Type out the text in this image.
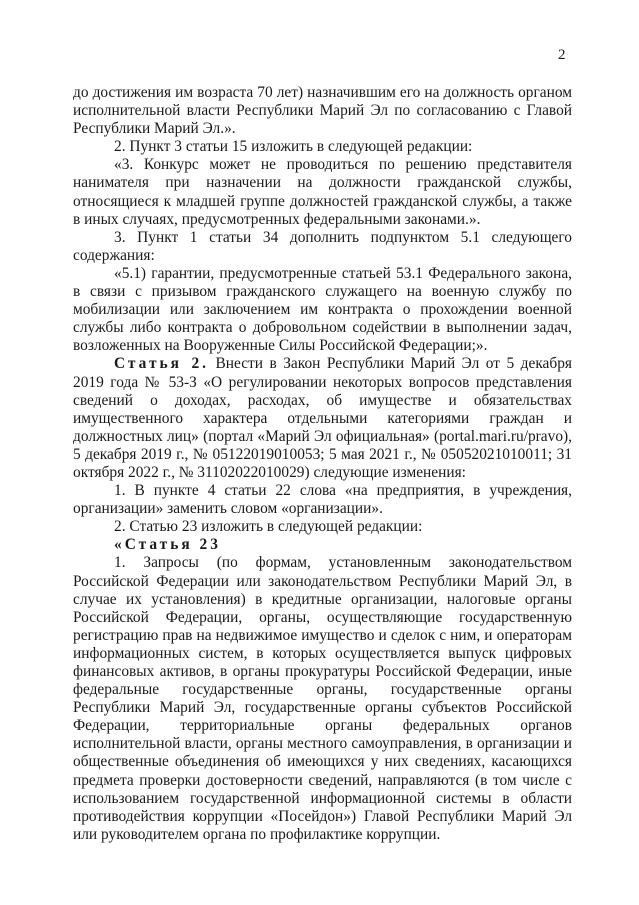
2

до достижения им возраста 70 лет) назначившим его на должность органом исполнительной власти Республики Марий Эл по согласованию с Главой Республики Марий Эл.».

2. Пункт 3 статьи 15 изложить в следующей редакции:

«3. Конкурс может не проводиться по решению представителя нанимателя при назначении на должности гражданской службы, относящиеся к младшей группе должностей гражданской службы, а также в иных случаях, предусмотренных федеральными законами.».

3. Пункт 1 статьи 34 дополнить подпунктом 5.1 следующего содержания:

«5.1) гарантии, предусмотренные статьей 53.1 Федерального закона, в связи с призывом гражданского служащего на военную службу по мобилизации или заключением им контракта о прохождении военной службы либо контракта о добровольном содействии в выполнении задач, возложенных на Вооруженные Силы Российской Федерации;».

Статья 2. Внести в Закон Республики Марий Эл от 5 декабря 2019 года № 53-З «О регулировании некоторых вопросов представления сведений о доходах, расходах, об имуществе и обязательствах имущественного характера отдельными категориями граждан и должностных лиц» (портал «Марий Эл официальная» (portal.mari.ru/pravo), 5 декабря 2019 г., № 05122019010053; 5 мая 2021 г., № 05052021010011; 31 октября 2022 г., № 31102022010029) следующие изменения:

1. В пункте 4 статьи 22 слова «на предприятия, в учреждения, организации» заменить словом «организации».

2. Статью 23 изложить в следующей редакции:

«Статья 23

1. Запросы (по формам, установленным законодательством Российской Федерации или законодательством Республики Марий Эл, в случае их установления) в кредитные организации, налоговые органы Российской Федерации, органы, осуществляющие государственную регистрацию прав на недвижимое имущество и сделок с ним, и операторам информационных систем, в которых осуществляется выпуск цифровых финансовых активов, в органы прокуратуры Российской Федерации, иные федеральные государственные органы, государственные органы Республики Марий Эл, государственные органы субъектов Российской Федерации, территориальные органы федеральных органов исполнительной власти, органы местного самоуправления, в организации и общественные объединения об имеющихся у них сведениях, касающихся предмета проверки достоверности сведений, направляются (в том числе с использованием государственной информационной системы в области противодействия коррупции «Посейдон») Главой Республики Марий Эл или руководителем органа по профилактике коррупции.
